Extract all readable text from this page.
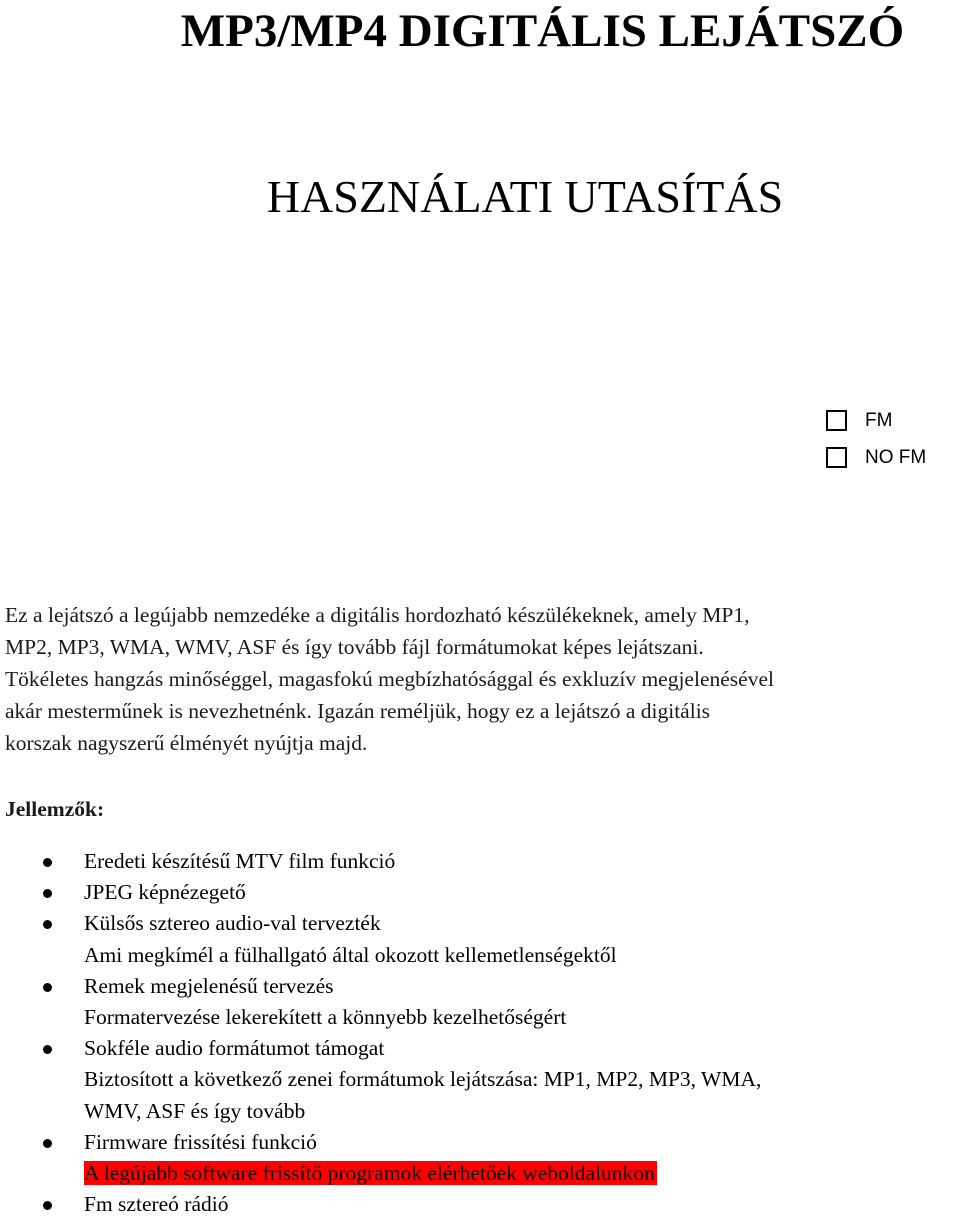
MP3/MP4 DIGITÁLIS LEJÁTSZÓ
HASZNÁLATI UTASÍTÁS
FM
NO FM

Ez a lejátszó a legújabb nemzedéke a digitális hordozható készülékeknek, amely MP1,
MP2, MP3, WMA, WMV, ASF és így tovább fájl formátumokat képes lejátszani.
Tökéletes hangzás minőséggel, magasfokú megbízhatósággal és exkluzív megjelenésével
akár mesterműnek is nevezhetnénk. Igazán reméljük, hogy ez a lejátszó a digitális
korszak nagyszerű élményét nyújtja majd.

Jellemzők:
Eredeti készítésű MTV film funkció
JPEG képnézegető
Külsős sztereo audio-val tervezték
Ami megkímél a fülhallgató által okozott kellemetlenségektől
Remek megjelenésű tervezés
Formatervezése lekerekített a könnyebb kezelhetőségért
Sokféle audio formátumot támogat
Biztosított a következő zenei formátumok lejátszása: MP1, MP2, MP3, WMA,
WMV, ASF és így tovább
Firmware frissítési funkció
A legújabb software frissítő programok elérhetőek weboldalunkon
Fm sztereó rádió
